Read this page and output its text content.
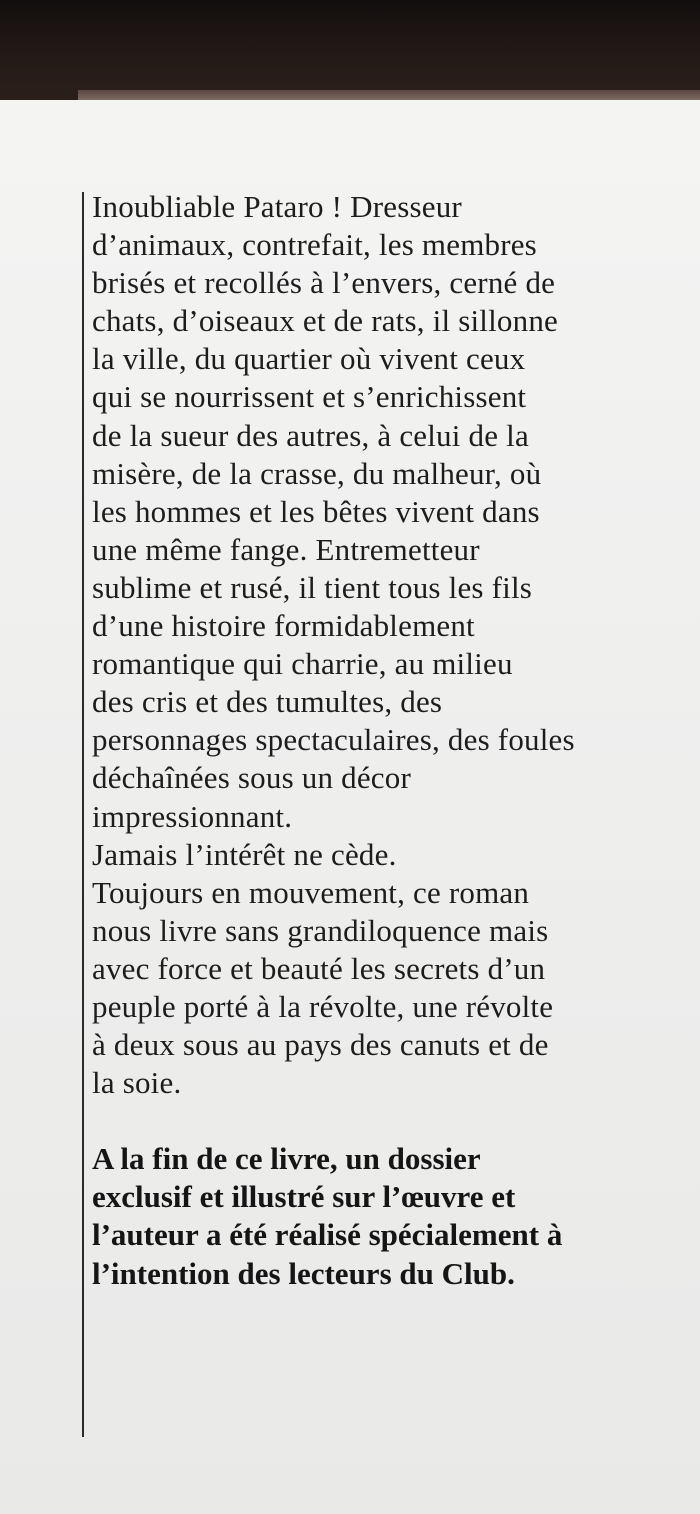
Inoubliable Pataro ! Dresseur
d’animaux, contrefait, les membres
brisés et recollés à l’envers, cerné de
chats, d’oiseaux et de rats, il sillonne
la ville, du quartier où vivent ceux
qui se nourrissent et s’enrichissent
de la sueur des autres, à celui de la
misère, de la crasse, du malheur, où
les hommes et les bêtes vivent dans
une même fange. Entremetteur
sublime et rusé, il tient tous les fils
d’une histoire formidablement
romantique qui charrie, au milieu
des cris et des tumultes, des
personnages spectaculaires, des foules
déchaînées sous un décor
impressionnant.
Jamais l’intérêt ne cède.
Toujours en mouvement, ce roman
nous livre sans grandiloquence mais
avec force et beauté les secrets d’un
peuple porté à la révolte, une révolte
à deux sous au pays des canuts et de
la soie.
A la fin de ce livre, un dossier
exclusif et illustré sur l’œuvre et
l’auteur a été réalisé spécialement à
l’intention des lecteurs du Club.
